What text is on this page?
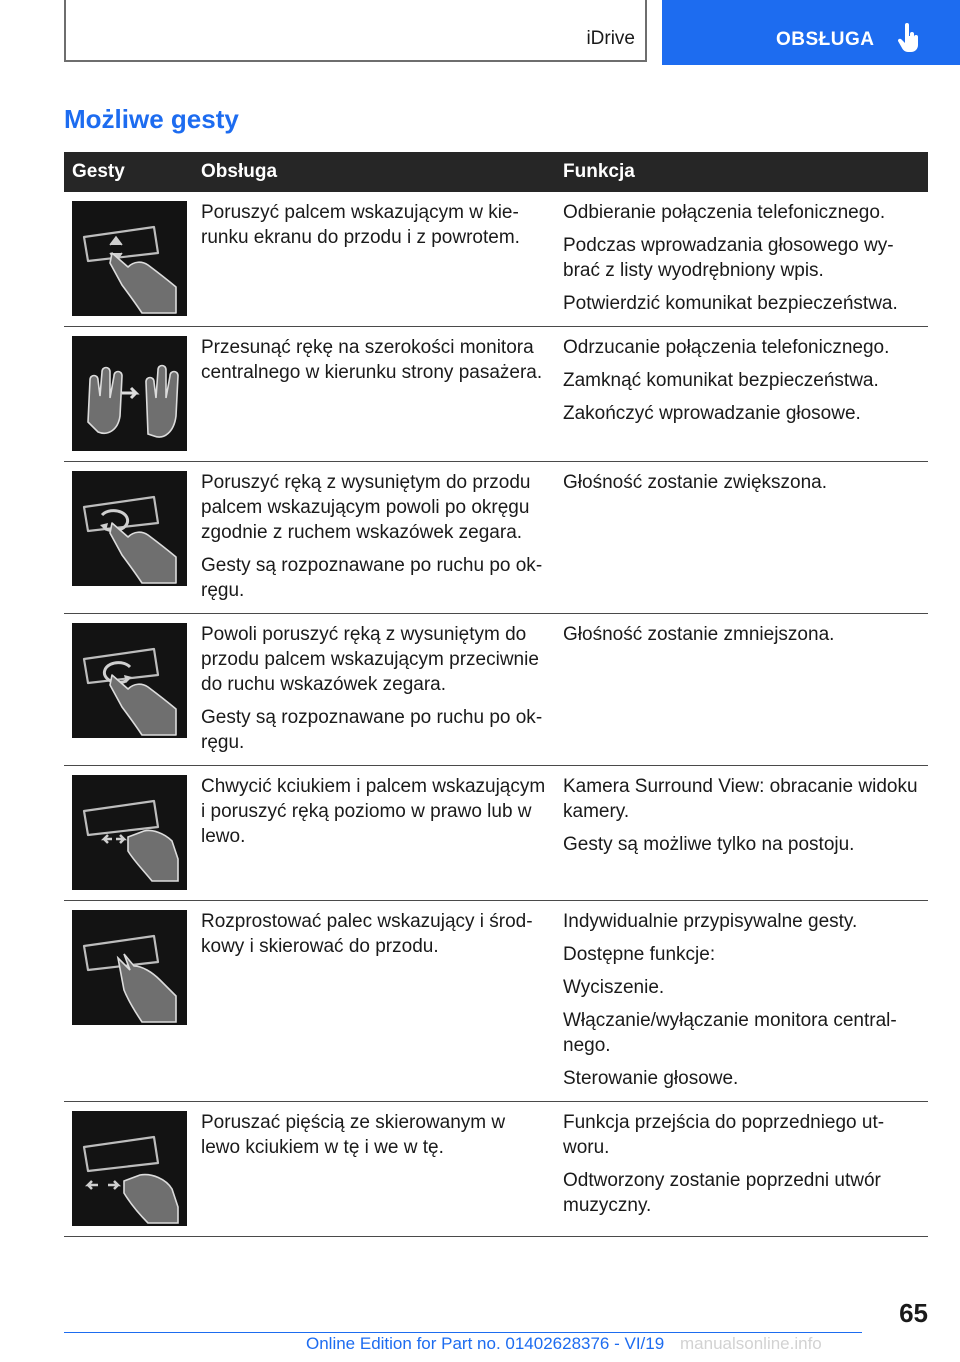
iDrive	OBSŁUGA
Możliwe gesty
Gesty	Obsługa	Funkcja

Poruszyć palcem wskazującym w kierunku ekranu do przodu i z powrotem.	Odbieranie połączenia telefonicznego.

Podczas wprowadzania głosowego wybrać z listy wyodrębniony wpis.

Potwierdzić komunikat bezpieczeństwa.

Przesunąć rękę na szerokości monitora centralnego w kierunku strony pasażera.	Odrzucanie połączenia telefonicznego.

Zamknąć komunikat bezpieczeństwa.

Zakończyć wprowadzanie głosowe.

Poruszyć ręką z wysuniętym do przodu palcem wskazującym powoli po okręgu zgodnie z ruchem wskazówek zegara.

Gesty są rozpoznawane po ruchu po okręgu.	Głośność zostanie zwiększona.

Powoli poruszyć ręką z wysuniętym do przodu palcem wskazującym przeciwnie do ruchu wskazówek zegara.

Gesty są rozpoznawane po ruchu po okręgu.	Głośność zostanie zmniejszona.

Chwycić kciukiem i palcem wskazującym i poruszyć ręką poziomo w prawo lub w lewo.	Kamera Surround View: obracanie widoku kamery.

Gesty są możliwe tylko na postoju.

Rozprostować palec wskazujący i środkowy i skierować do przodu.	Indywidualnie przypisywalne gesty.

Dostępne funkcje:

Wyciszenie.

Włączanie/wyłączanie monitora centralnego.

Sterowanie głosowe.

Poruszać pięścią ze skierowanym w lewo kciukiem w tę i we w tę.	Funkcja przejścia do poprzedniego utworu.

Odtworzony zostanie poprzedni utwór muzyczny.

65
Online Edition for Part no. 01402628376 - VI/19 manualsonline.info
